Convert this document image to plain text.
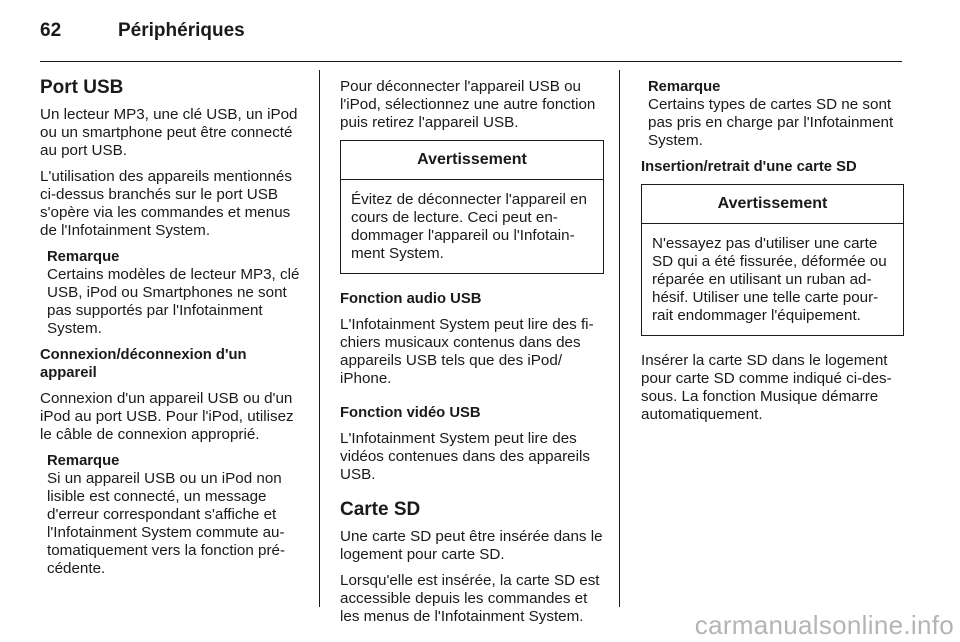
62	Périphériques

Port USB

Un lecteur MP3, une clé USB, un iPod ou un smartphone peut être connecté au port USB.

L'utilisation des appareils mentionnés ci-dessus branchés sur le port USB s'opère via les commandes et menus de l'Infotainment System.

Remarque
Certains modèles de lecteur MP3, clé USB, iPod ou Smartphones ne sont pas supportés par l'Infotainment System.

Connexion/déconnexion d'un appareil

Connexion d'un appareil USB ou d'un iPod au port USB. Pour l'iPod, utilisez le câble de connexion approprié.

Remarque
Si un appareil USB ou un iPod non lisible est connecté, un message d'erreur correspondant s'affiche et l'Infotainment System commute automatiquement vers la fonction précédente.

Pour déconnecter l'appareil USB ou l'iPod, sélectionnez une autre fonction puis retirez l'appareil USB.

Avertissement
Évitez de déconnecter l'appareil en cours de lecture. Ceci peut endommager l'appareil ou l'Infotainment System.

Fonction audio USB

L'Infotainment System peut lire des fichiers musicaux contenus dans des appareils USB tels que des iPod/ iPhone.

Fonction vidéo USB

L'Infotainment System peut lire des vidéos contenues dans des appareils USB.

Carte SD

Une carte SD peut être insérée dans le logement pour carte SD.

Lorsqu'elle est insérée, la carte SD est accessible depuis les commandes et les menus de l'Infotainment System.

Remarque
Certains types de cartes SD ne sont pas pris en charge par l'Infotainment System.

Insertion/retrait d'une carte SD

Avertissement
N'essayez pas d'utiliser une carte SD qui a été fissurée, déformée ou réparée en utilisant un ruban adhésif. Utiliser une telle carte pourrait endommager l'équipement.

Insérer la carte SD dans le logement pour carte SD comme indiqué ci-dessous. La fonction Musique démarre automatiquement.

carmanualsonline.info
